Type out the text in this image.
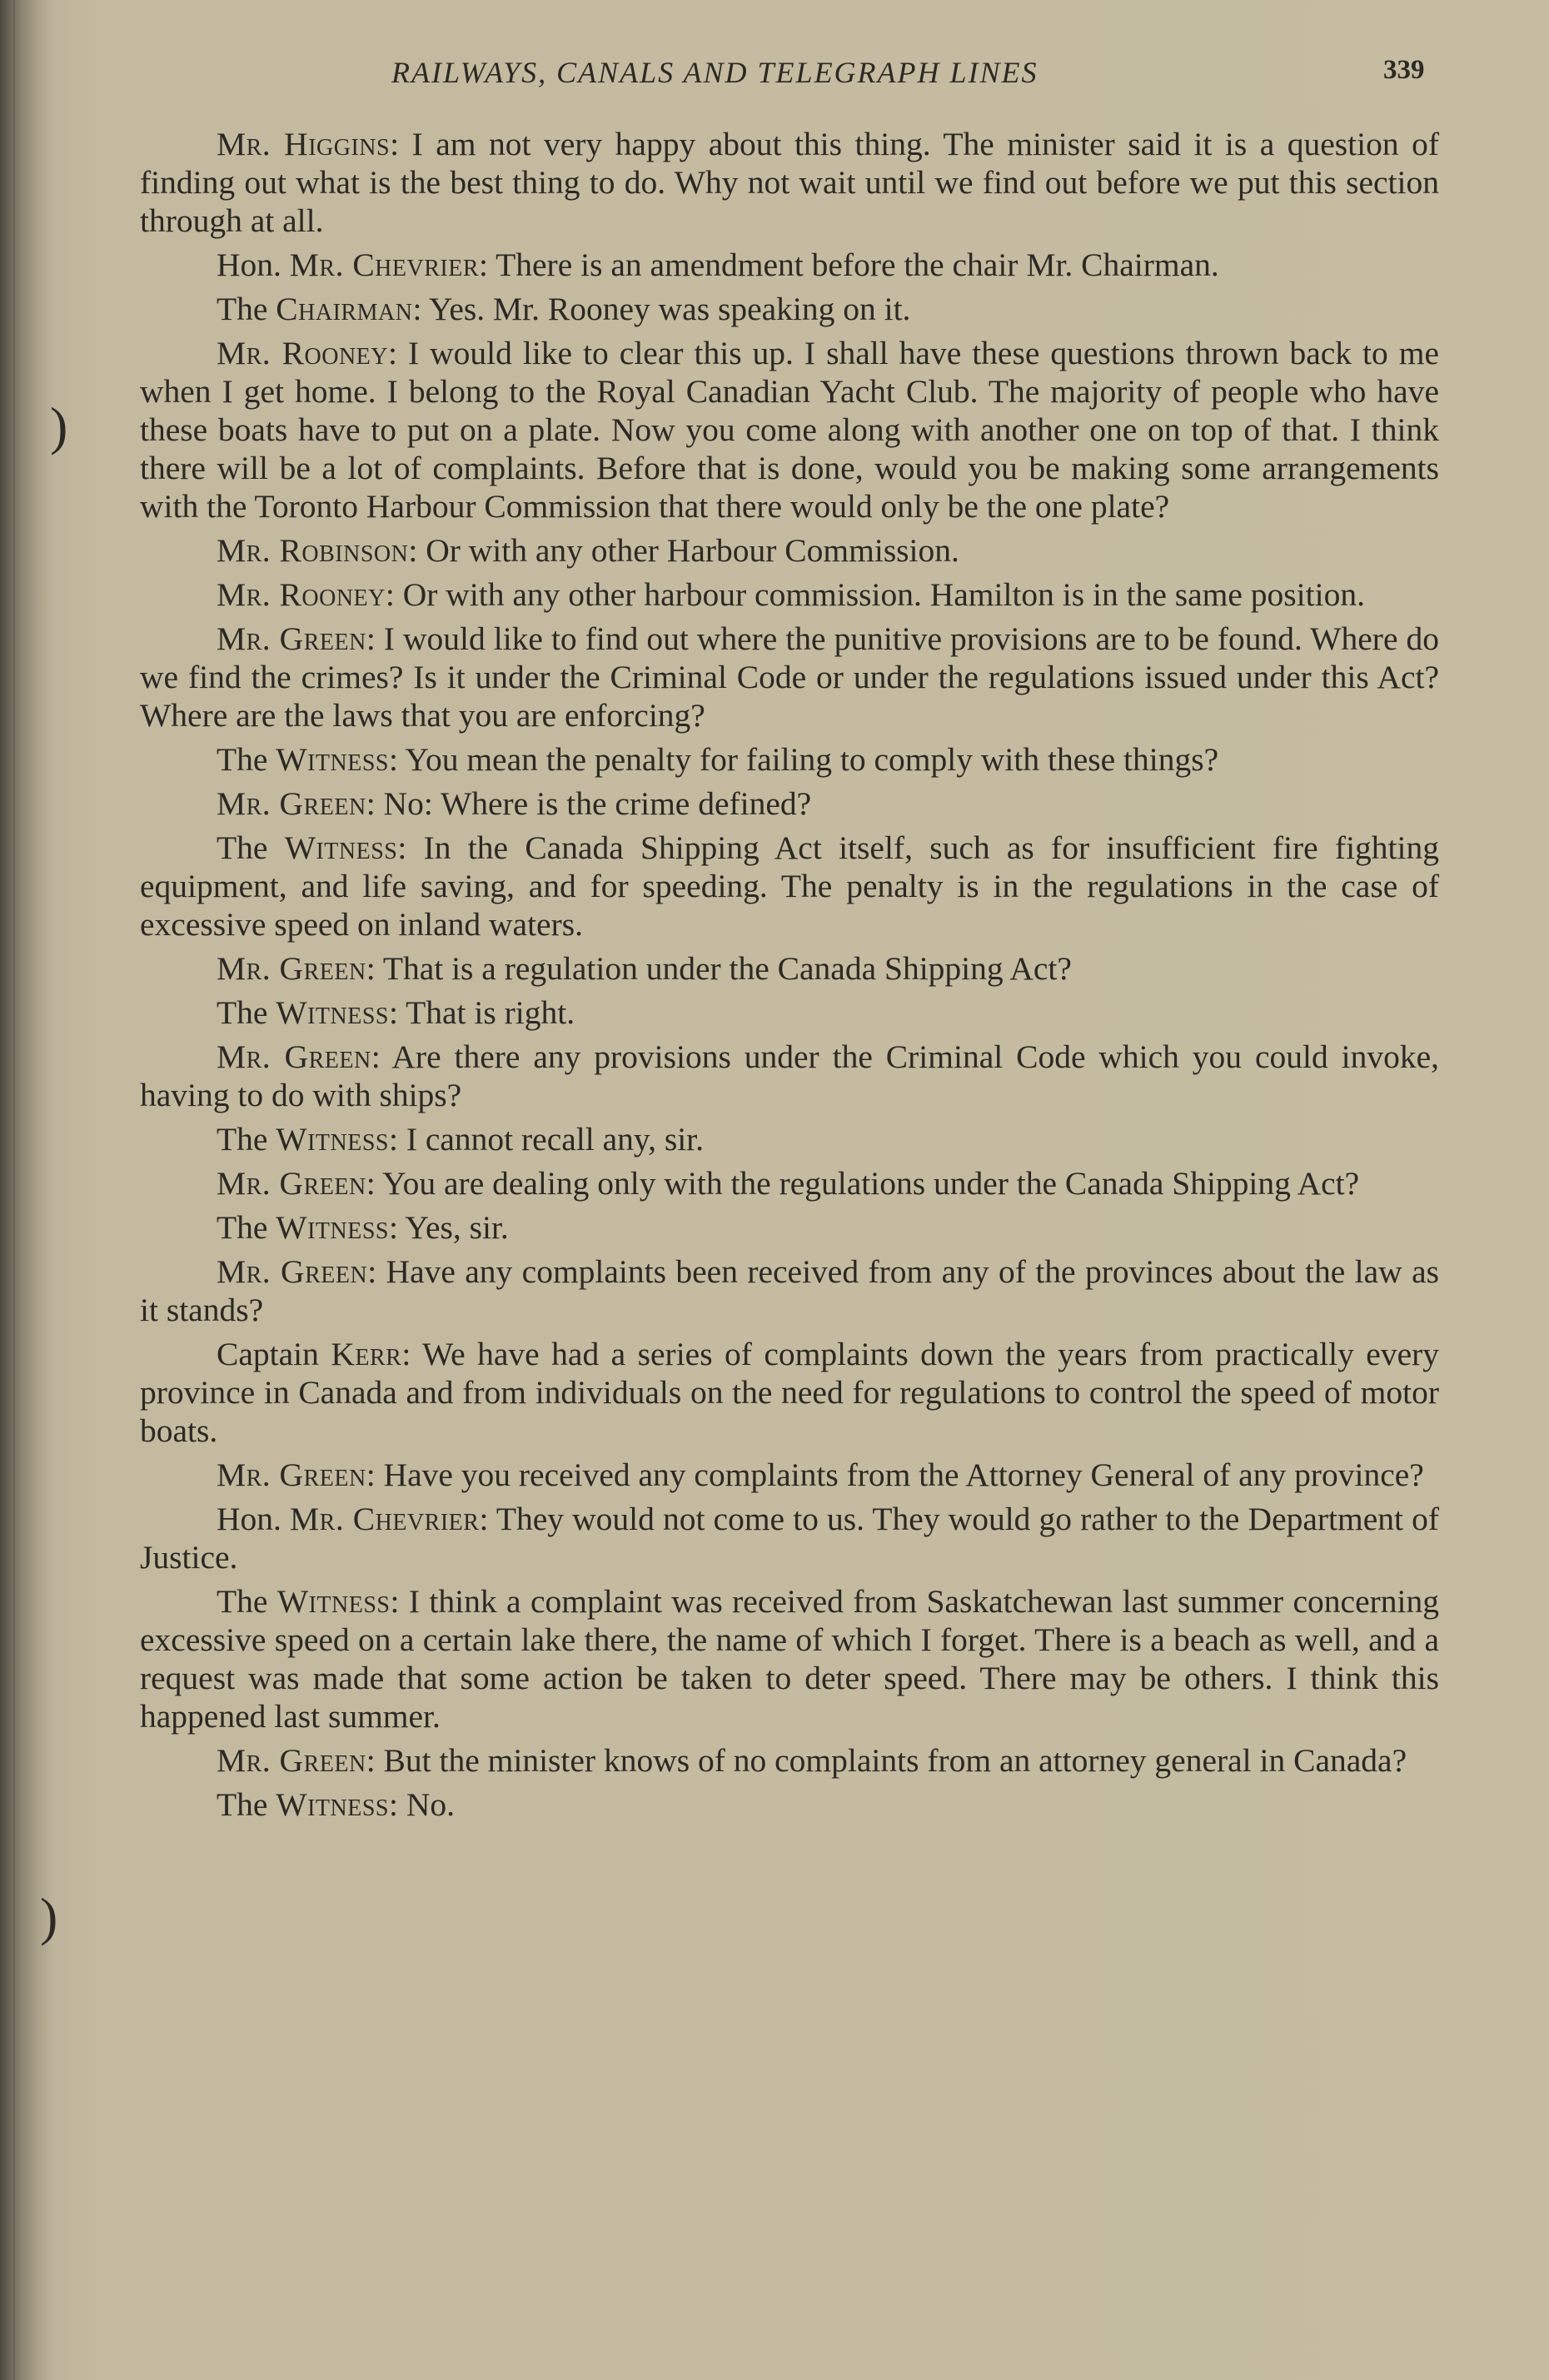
)
)
RAILWAYS, CANALS AND TELEGRAPH LINES	339

Mr. Higgins: I am not very happy about this thing. The minister said it is a question of finding out what is the best thing to do. Why not wait until we find out before we put this section through at all.

Hon. Mr. Chevrier: There is an amendment before the chair Mr. Chairman.

The Chairman: Yes. Mr. Rooney was speaking on it.

Mr. Rooney: I would like to clear this up. I shall have these questions thrown back to me when I get home. I belong to the Royal Canadian Yacht Club. The majority of people who have these boats have to put on a plate. Now you come along with another one on top of that. I think there will be a lot of complaints. Before that is done, would you be making some arrangements with the Toronto Harbour Commission that there would only be the one plate?

Mr. Robinson: Or with any other Harbour Commission.

Mr. Rooney: Or with any other harbour commission. Hamilton is in the same position.

Mr. Green: I would like to find out where the punitive provisions are to be found. Where do we find the crimes? Is it under the Criminal Code or under the regulations issued under this Act? Where are the laws that you are enforcing?

The Witness: You mean the penalty for failing to comply with these things?

Mr. Green: No: Where is the crime defined?

The Witness: In the Canada Shipping Act itself, such as for insufficient fire fighting equipment, and life saving, and for speeding. The penalty is in the regulations in the case of excessive speed on inland waters.

Mr. Green: That is a regulation under the Canada Shipping Act?

The Witness: That is right.

Mr. Green: Are there any provisions under the Criminal Code which you could invoke, having to do with ships?

The Witness: I cannot recall any, sir.

Mr. Green: You are dealing only with the regulations under the Canada Shipping Act?

The Witness: Yes, sir.

Mr. Green: Have any complaints been received from any of the provinces about the law as it stands?

Captain Kerr: We have had a series of complaints down the years from practically every province in Canada and from individuals on the need for regulations to control the speed of motor boats.

Mr. Green: Have you received any complaints from the Attorney General of any province?

Hon. Mr. Chevrier: They would not come to us. They would go rather to the Department of Justice.

The Witness: I think a complaint was received from Saskatchewan last summer concerning excessive speed on a certain lake there, the name of which I forget. There is a beach as well, and a request was made that some action be taken to deter speed. There may be others. I think this happened last summer.

Mr. Green: But the minister knows of no complaints from an attorney general in Canada?

The Witness: No.
